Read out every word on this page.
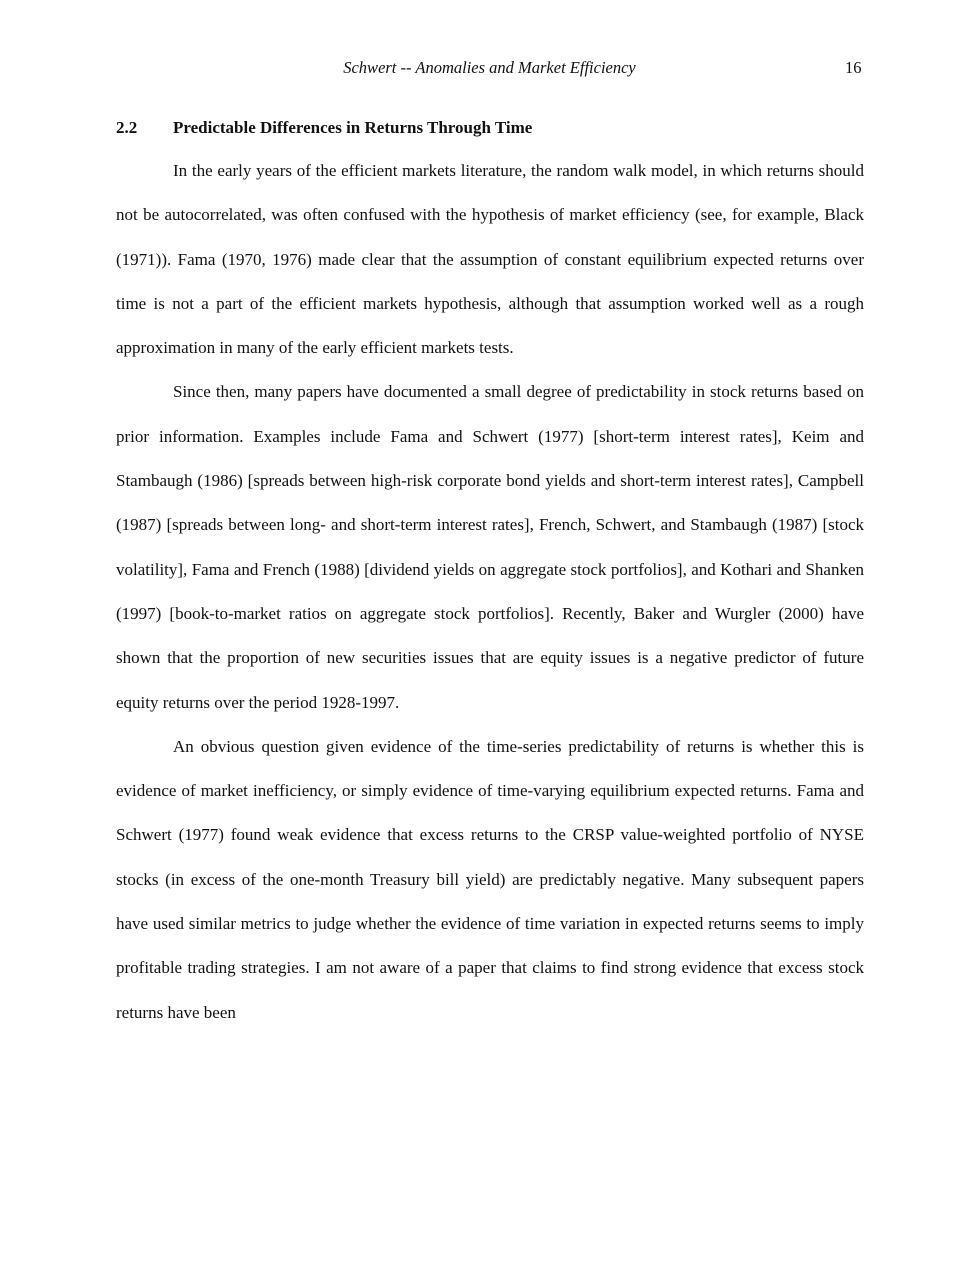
Schwert -- Anomalies and Market Efficiency	16
2.2 Predictable Differences in Returns Through Time

In the early years of the efficient markets literature, the random walk model, in which returns should not be autocorrelated, was often confused with the hypothesis of market efficiency (see, for example, Black (1971)). Fama (1970, 1976) made clear that the assumption of constant equilibrium expected returns over time is not a part of the efficient markets hypothesis, although that assumption worked well as a rough approximation in many of the early efficient markets tests.

Since then, many papers have documented a small degree of predictability in stock returns based on prior information. Examples include Fama and Schwert (1977) [short-term interest rates], Keim and Stambaugh (1986) [spreads between high-risk corporate bond yields and short-term interest rates], Campbell (1987) [spreads between long- and short-term interest rates], French, Schwert, and Stambaugh (1987) [stock volatility], Fama and French (1988) [dividend yields on aggregate stock portfolios], and Kothari and Shanken (1997) [book-to-market ratios on aggregate stock portfolios]. Recently, Baker and Wurgler (2000) have shown that the proportion of new securities issues that are equity issues is a negative predictor of future equity returns over the period 1928-1997.

An obvious question given evidence of the time-series predictability of returns is whether this is evidence of market inefficiency, or simply evidence of time-varying equilibrium expected returns. Fama and Schwert (1977) found weak evidence that excess returns to the CRSP value-weighted portfolio of NYSE stocks (in excess of the one-month Treasury bill yield) are predictably negative. Many subsequent papers have used similar metrics to judge whether the evidence of time variation in expected returns seems to imply profitable trading strategies. I am not aware of a paper that claims to find strong evidence that excess stock returns have been
